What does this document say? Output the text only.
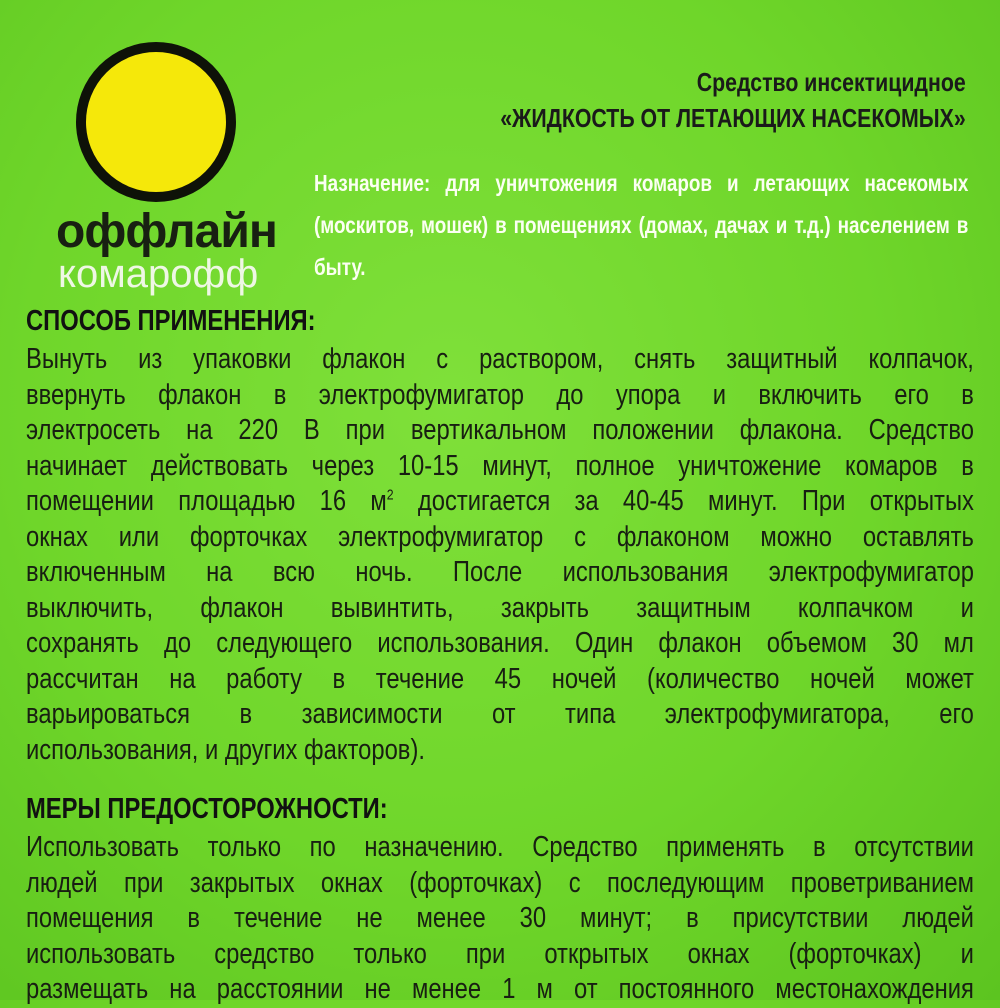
оффлайн
комарофф
Средство инсектицидное
«ЖИДКОСТЬ ОТ ЛЕТАЮЩИХ НАСЕКОМЫХ»
Назначение: для уничтожения комаров и летающих насекомых (москитов, мошек) в помещениях (домах, дачах и т.д.) населением в быту.
СПОСОБ ПРИМЕНЕНИЯ:
Вынуть из упаковки флакон с раствором, снять защитный колпачок,
ввернуть флакон в электрофумигатор до упора и включить его в
электросеть на 220 В при вертикальном положении флакона. Средство
начинает действовать через 10-15 минут, полное уничтожение комаров в
помещении площадью 16 $м^2$ достигается за 40-45 минут. При открытых
окнах или форточках электрофумигатор с флаконом можно оставлять
включенным на всю ночь. После использования электрофумигатор
выключить, флакон вывинтить, закрыть защитным колпачком и
сохранять до следующего использования. Один флакон объемом 30 мл
рассчитан на работу в течение 45 ночей (количество ночей может
варьироваться в зависимости от типа электрофумигатора, его
использования, и других факторов).
МЕРЫ ПРЕДОСТОРОЖНОСТИ:
Использовать только по назначению. Средство применять в отсутствии
людей при закрытых окнах (форточках) с последующим проветриванием
помещения в течение не менее 30 минут; в присутствии людей
использовать средство только при открытых окнах (форточках) и
размещать на расстоянии не менее 1 м от постоянного местонахождения
